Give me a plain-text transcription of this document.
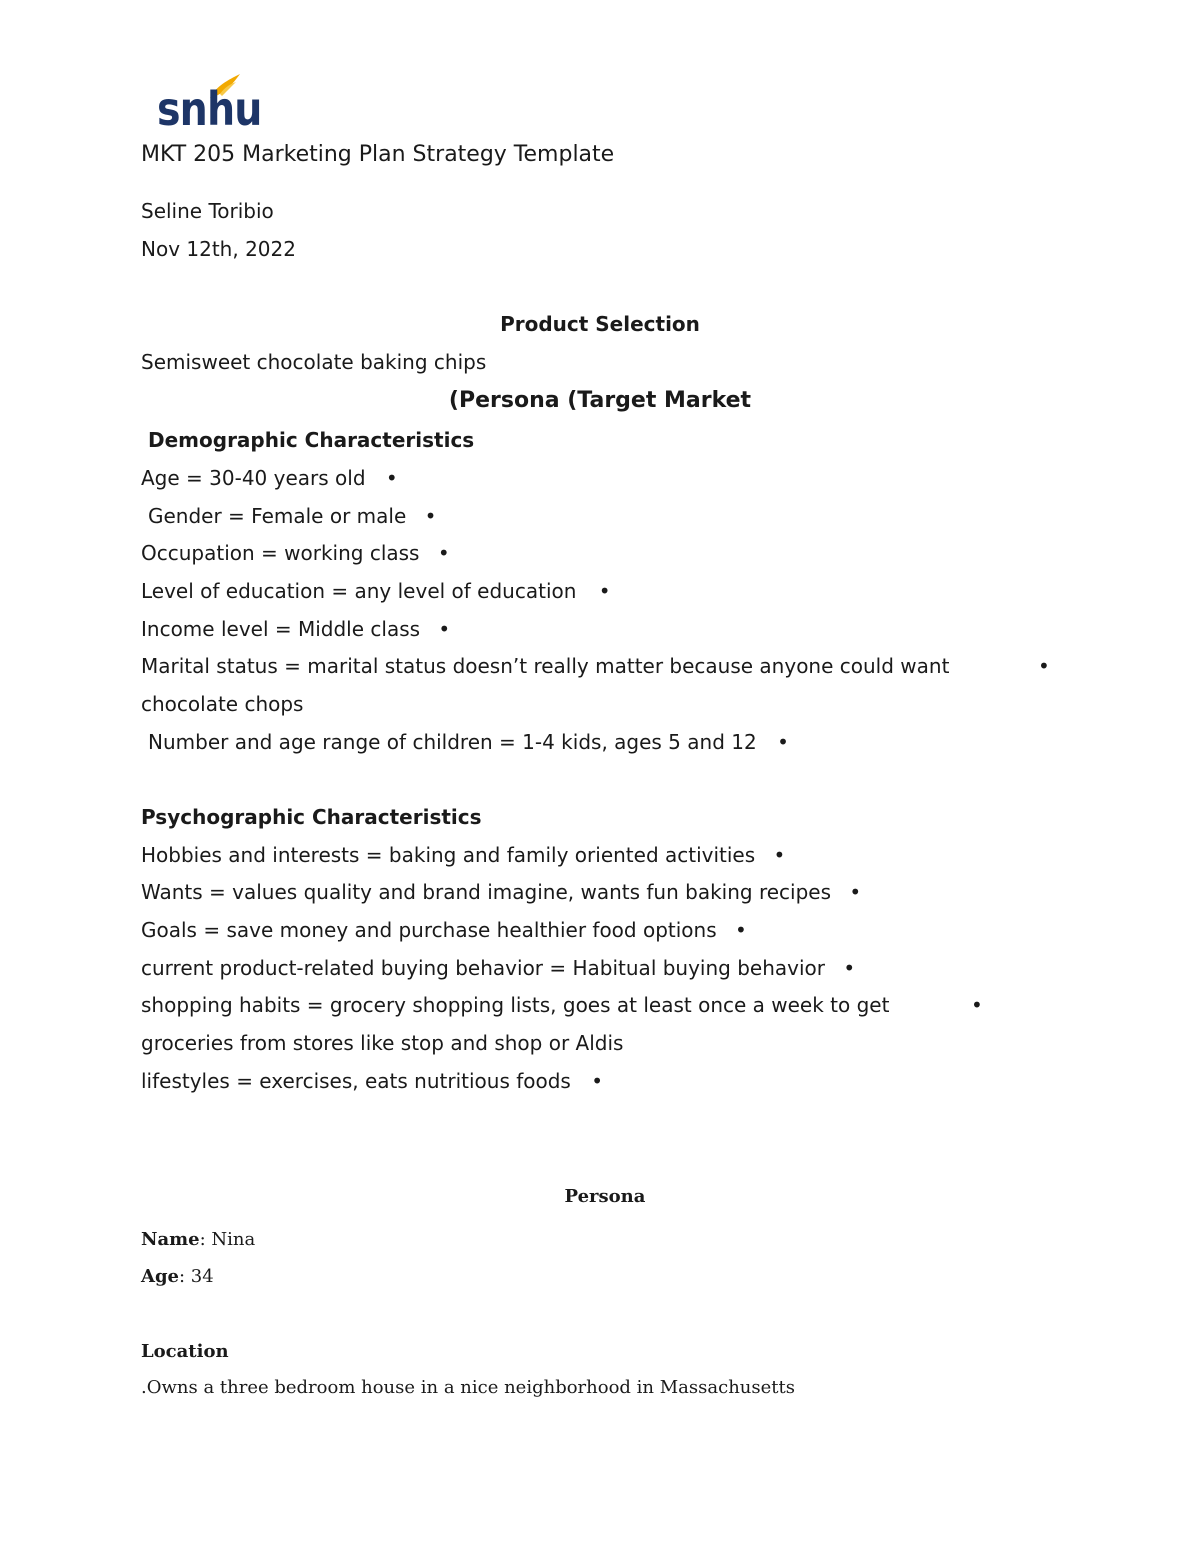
snhu
MKT 205 Marketing Plan Strategy Template
Seline Toribio
Nov 12th, 2022
Product Selection
Semisweet chocolate baking chips
(Persona (Target Market
Demographic Characteristics
Age = 30-40 years old •
Gender = Female or male •
Occupation = working class •
Level of education = any level of education •
Income level = Middle class •
Marital status = marital status doesn’t really matter because anyone could want	•
chocolate chops
Number and age range of children = 1-4 kids, ages 5 and 12 •
Psychographic Characteristics
Hobbies and interests = baking and family oriented activities •
Wants = values quality and brand imagine, wants fun baking recipes •
Goals = save money and purchase healthier food options •
current product-related buying behavior = Habitual buying behavior •
shopping habits = grocery shopping lists, goes at least once a week to get	•
groceries from stores like stop and shop or Aldis
lifestyles = exercises, eats nutritious foods •
Persona
Name: Nina
Age: 34
Location
.Owns a three bedroom house in a nice neighborhood in Massachusetts
